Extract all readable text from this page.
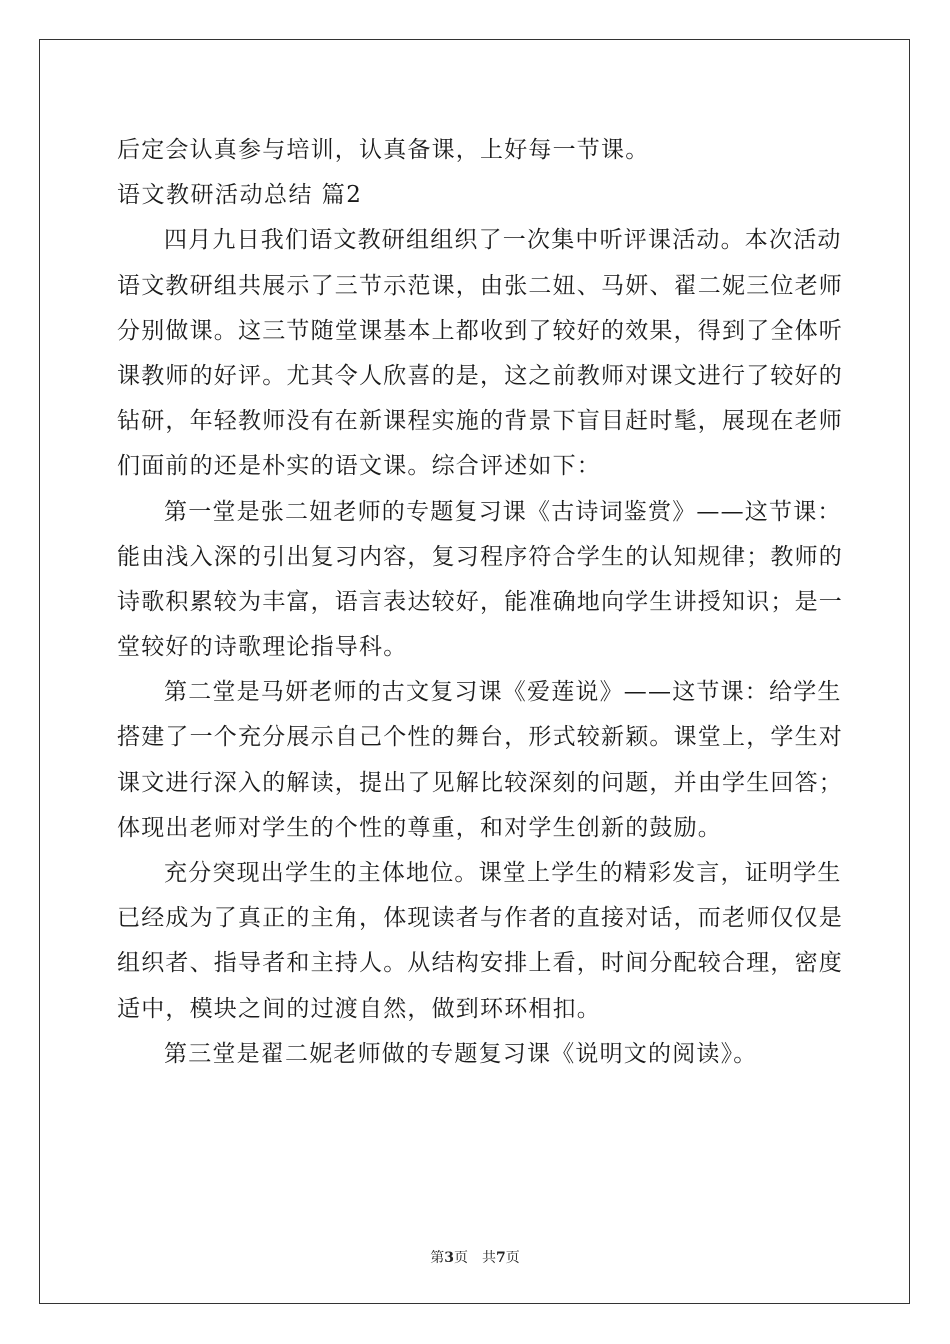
后定会认真参与培训，认真备课，上好每一节课。
语文教研活动总结 篇2
四月九日我们语文教研组组织了一次集中听评课活动。本次活动
语文教研组共展示了三节示范课，由张二妞、马妍、翟二妮三位老师
分别做课。这三节随堂课基本上都收到了较好的效果，得到了全体听
课教师的好评。尤其令人欣喜的是，这之前教师对课文进行了较好的
钻研，年轻教师没有在新课程实施的背景下盲目赶时髦，展现在老师
们面前的还是朴实的语文课。综合评述如下：
第一堂是张二妞老师的专题复习课《古诗词鉴赏》——这节课：
能由浅入深的引出复习内容，复习程序符合学生的认知规律；教师的
诗歌积累较为丰富，语言表达较好，能准确地向学生讲授知识；是一
堂较好的诗歌理论指导科。
第二堂是马妍老师的古文复习课《爱莲说》——这节课：给学生
搭建了一个充分展示自己个性的舞台，形式较新颖。课堂上，学生对
课文进行深入的解读，提出了见解比较深刻的问题，并由学生回答；
体现出老师对学生的个性的尊重，和对学生创新的鼓励。
充分突现出学生的主体地位。课堂上学生的精彩发言，证明学生
已经成为了真正的主角，体现读者与作者的直接对话，而老师仅仅是
组织者、指导者和主持人。从结构安排上看，时间分配较合理，密度
适中，模块之间的过渡自然，做到环环相扣。
第三堂是翟二妮老师做的专题复习课《说明文的阅读》。
第3页 共7页
